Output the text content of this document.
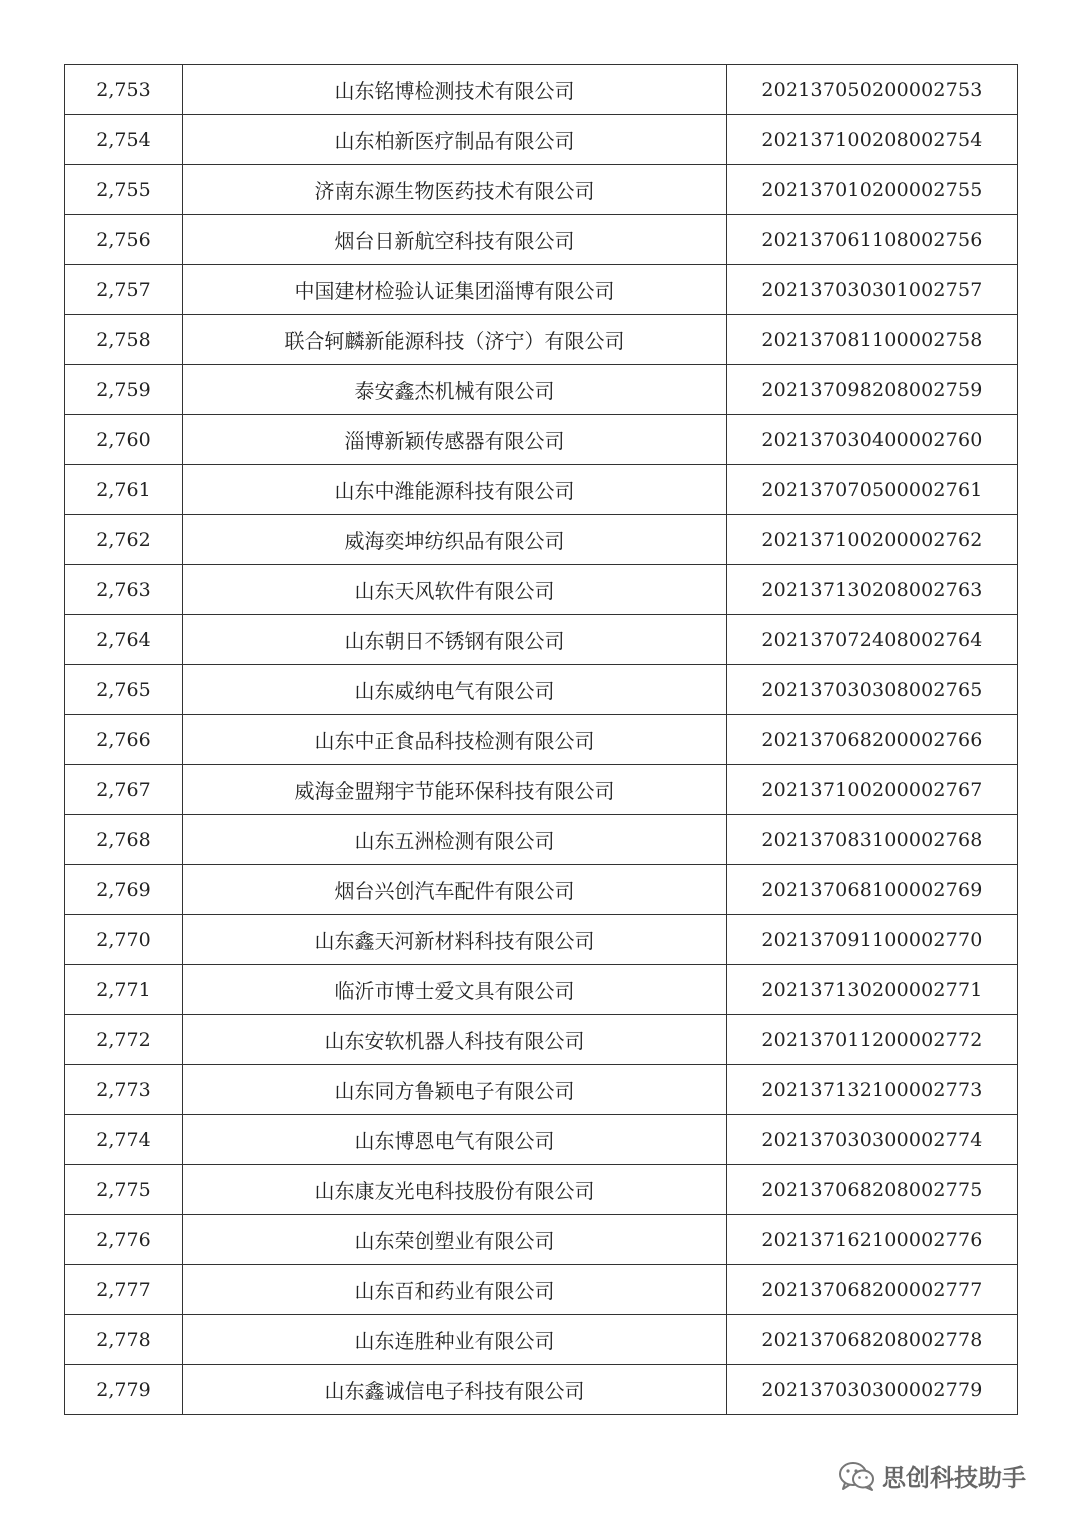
2,753	山东铭博检测技术有限公司	202137050200002753
2,754	山东柏新医疗制品有限公司	202137100208002754
2,755	济南东源生物医药技术有限公司	202137010200002755
2,756	烟台日新航空科技有限公司	202137061108002756
2,757	中国建材检验认证集团淄博有限公司	202137030301002757
2,758	联合轲麟新能源科技（济宁）有限公司	202137081100002758
2,759	泰安鑫杰机械有限公司	202137098208002759
2,760	淄博新颖传感器有限公司	202137030400002760
2,761	山东中潍能源科技有限公司	202137070500002761
2,762	威海奕坤纺织品有限公司	202137100200002762
2,763	山东天风软件有限公司	202137130208002763
2,764	山东朝日不锈钢有限公司	202137072408002764
2,765	山东威纳电气有限公司	202137030308002765
2,766	山东中正食品科技检测有限公司	202137068200002766
2,767	威海金盟翔宇节能环保科技有限公司	202137100200002767
2,768	山东五洲检测有限公司	202137083100002768
2,769	烟台兴创汽车配件有限公司	202137068100002769
2,770	山东鑫天河新材料科技有限公司	202137091100002770
2,771	临沂市博士爱文具有限公司	202137130200002771
2,772	山东安软机器人科技有限公司	202137011200002772
2,773	山东同方鲁颖电子有限公司	202137132100002773
2,774	山东博恩电气有限公司	202137030300002774
2,775	山东康友光电科技股份有限公司	202137068208002775
2,776	山东荣创塑业有限公司	202137162100002776
2,777	山东百和药业有限公司	202137068200002777
2,778	山东连胜种业有限公司	202137068208002778
2,779	山东鑫诚信电子科技有限公司	202137030300002779
思创科技助手
